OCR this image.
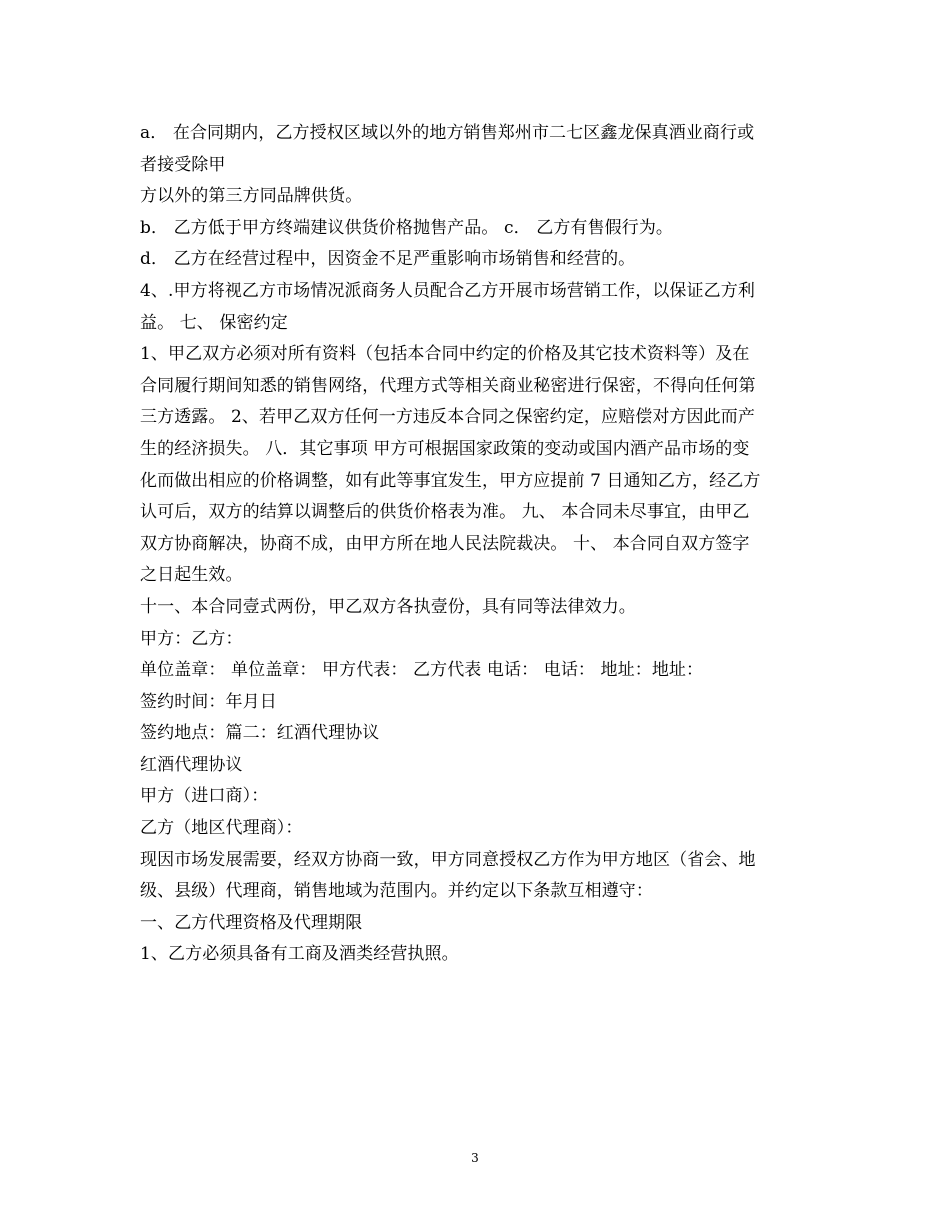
a． 在合同期内，乙方授权区域以外的地方销售郑州市二七区鑫龙保真酒业商行或
者接受除甲
方以外的第三方同品牌供货。
b． 乙方低于甲方终端建议供货价格抛售产品。 c． 乙方有售假行为。
d． 乙方在经营过程中，因资金不足严重影响市场销售和经营的。
4、.甲方将视乙方市场情况派商务人员配合乙方开展市场营销工作，以保证乙方利
益。 七、 保密约定
1、甲乙双方必须对所有资料（包括本合同中约定的价格及其它技术资料等）及在
合同履行期间知悉的销售网络，代理方式等相关商业秘密进行保密，不得向任何第
三方透露。 2、若甲乙双方任何一方违反本合同之保密约定，应赔偿对方因此而产
生的经济损失。 八．其它事项 甲方可根据国家政策的变动或国内酒产品市场的变
化而做出相应的价格调整，如有此等事宜发生，甲方应提前 7 日通知乙方，经乙方
认可后，双方的结算以调整后的供货价格表为准。 九、 本合同未尽事宜，由甲乙
双方协商解决，协商不成，由甲方所在地人民法院裁决。 十、 本合同自双方签字
之日起生效。
十一、本合同壹式两份，甲乙双方各执壹份，具有同等法律效力。
甲方：乙方：
单位盖章： 单位盖章： 甲方代表： 乙方代表 电话： 电话： 地址：地址：
签约时间：年月日
签约地点：篇二：红酒代理协议
红酒代理协议
甲方（进口商）：
乙方（地区代理商）：
现因市场发展需要，经双方协商一致，甲方同意授权乙方作为甲方地区（省会、地
级、县级）代理商，销售地域为范围内。并约定以下条款互相遵守：
一、乙方代理资格及代理期限
1、乙方必须具备有工商及酒类经营执照。
3
